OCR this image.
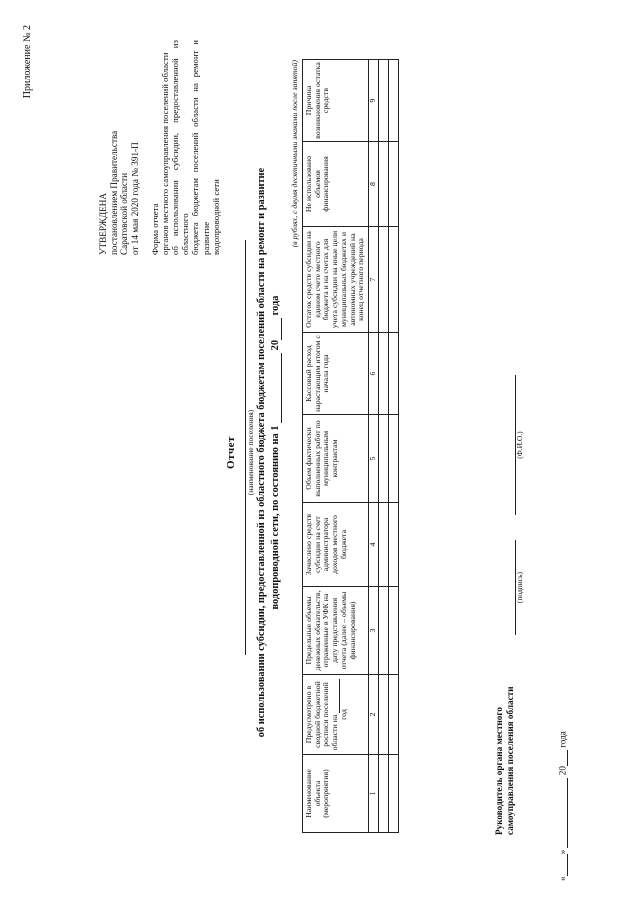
Приложение № 2
УТВЕРЖДЕНА постановлением Правительства Саратовской области от 14 мая 2020 года № 391-П Форма отчета органов местного самоуправления поселений области об использовании субсидии, предоставленной из областного бюджета бюджетам поселений области на ремонт и развитие водопроводной сети
Отчет (наименование поселения) об использовании субсидии, предоставленной из областного бюджета бюджетам поселений области на ремонт и развитие водопроводной сети, по состоянию на 1  20 года
(в рублях, с двумя десятичными знаками после запятой)
Наименование объекта (мероприятия)	Предусмотрено в сводной бюджетной росписи поселений области на  год	Предельные объемы денежных обязательств, отраженные в УФК на дату представления отчета (далее – объемы финансирования)	Зачислено средств субсидии на счет администратора доходов местного бюджета	Объем фактически выполненных работ по муниципальным контрактам	Кассовый расход нарастающим итогом с начала года	Остаток средств субсидии на едином счете местного бюджета и на счетах для учета субсидии на иные цели муниципальных бюджетах и автономных учреждений на конец отчетного периода	Не использовано объемов финансирования	Причина возникновения остатка средств
1	2	3	4	5	6	7	8	9

Руководитель органа местного самоуправления поселения области
(подпись)
(Ф.И.О.)
«»  20 года
